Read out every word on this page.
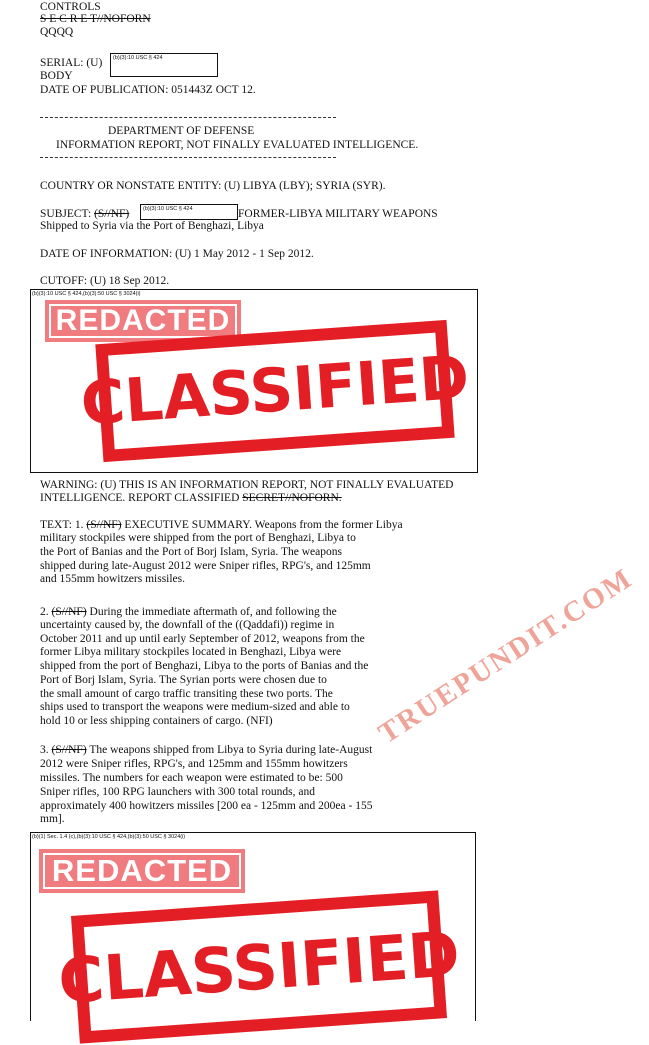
CONTROLS
S E C R E T//NOFORN
QQQQ
SERIAL: (U) (b)(3):10 USC § 424
BODY
DATE OF PUBLICATION: 051443Z OCT 12.
DEPARTMENT OF DEFENSE
INFORMATION REPORT, NOT FINALLY EVALUATED INTELLIGENCE.
COUNTRY OR NONSTATE ENTITY: (U) LIBYA (LBY); SYRIA (SYR).
SUBJECT: (S//NF)	(b)(3):10 USC § 424	FORMER-LIBYA MILITARY WEAPONS
Shipped to Syria via the Port of Benghazi, Libya
DATE OF INFORMATION: (U) 1 May 2012 - 1 Sep 2012.
CUTOFF: (U) 18 Sep 2012.
(b)(3):10 USC § 424,(b)(3):50 USC § 3024(i)
REDACTED
CLASSIFIED
WARNING: (U) THIS IS AN INFORMATION REPORT, NOT FINALLY EVALUATED
INTELLIGENCE. REPORT CLASSIFIED SECRET//NOFORN.
TEXT: 1. (S//NF) EXECUTIVE SUMMARY. Weapons from the former Libya
military stockpiles were shipped from the port of Benghazi, Libya to
the Port of Banias and the Port of Borj Islam, Syria. The weapons
shipped during late-August 2012 were Sniper rifles, RPG's, and 125mm
and 155mm howitzers missiles.
2. (S//NF) During the immediate aftermath of, and following the
uncertainty caused by, the downfall of the ((Qaddafi)) regime in
October 2011 and up until early September of 2012, weapons from the
former Libya military stockpiles located in Benghazi, Libya were
shipped from the port of Benghazi, Libya to the ports of Banias and the
Port of Borj Islam, Syria. The Syrian ports were chosen due to
the small amount of cargo traffic transiting these two ports. The
ships used to transport the weapons were medium-sized and able to
hold 10 or less shipping containers of cargo. (NFI)
3. (S//NF) The weapons shipped from Libya to Syria during late-August
2012 were Sniper rifles, RPG's, and 125mm and 155mm howitzers
missiles. The numbers for each weapon were estimated to be: 500
Sniper rifles, 100 RPG launchers with 300 total rounds, and
approximately 400 howitzers missiles [200 ea - 125mm and 200ea - 155
mm].
(b)(1) Sec. 1.4 (c),(b)(3):10 USC § 424,(b)(3):50 USC § 3024(i)
REDACTED
CLASSIFIED
TRUEPUNDIT.COM
